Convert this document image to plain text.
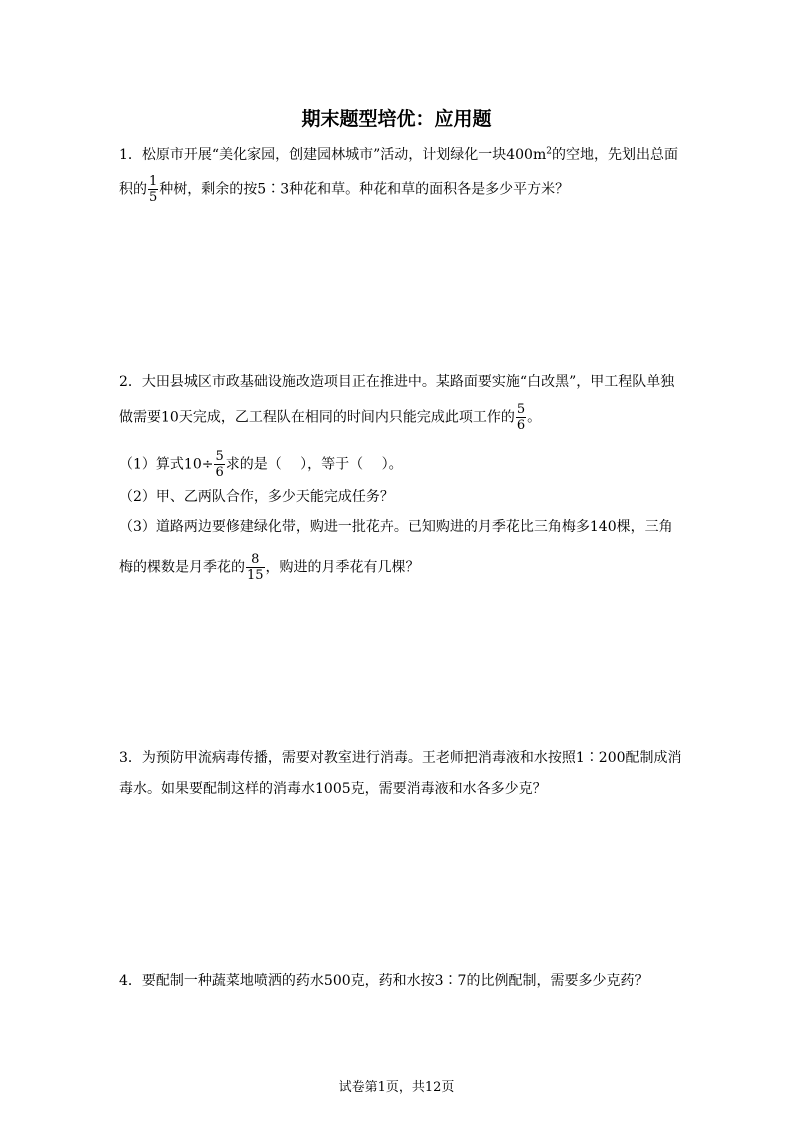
期末题型培优：应用题
1．松原市开展“美化家园，创建园林城市”活动，计划绿化一块$400m^2$的空地，先划出总面
积的 $\frac{1}{5}$ 种树，剩余的按5∶3种花和草。种花和草的面积各是多少平方米？
2．大田县城区市政基础设施改造项目正在推进中。某路面要实施“白改黑”，甲工程队单独
做需要10天完成，乙工程队在相同的时间内只能完成此项工作的 $\frac{5}{6}$ 。
（1）算式$10\div \frac{5}{6}$ 求的是（　 ），等于（　 ）。
（2）甲、乙两队合作，多少天能完成任务？
（3）道路两边要修建绿化带，购进一批花卉。已知购进的月季花比三角梅多140棵，三角
梅的棵数是月季花的 $\frac{8}{15}$ ，购进的月季花有几棵？
3．为预防甲流病毒传播，需要对教室进行消毒。王老师把消毒液和水按照1∶200配制成消
毒水。如果要配制这样的消毒水1005克，需要消毒液和水各多少克？
4．要配制一种蔬菜地喷洒的药水500克，药和水按3∶7的比例配制，需要多少克药？
试卷第1页，共12页
